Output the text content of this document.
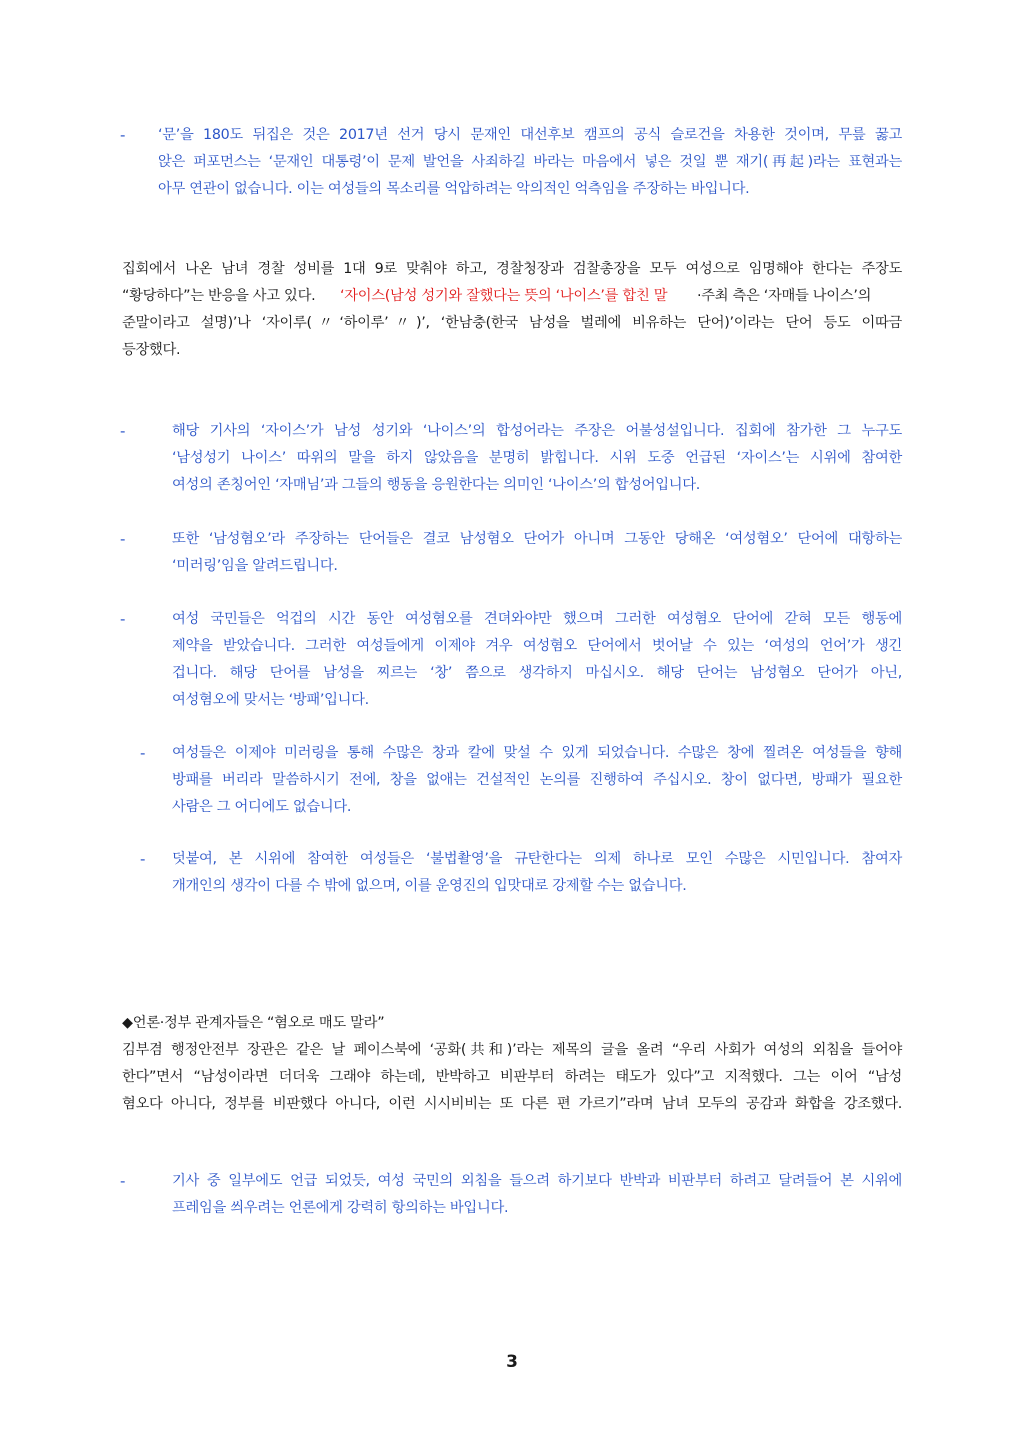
- ‘문’을 180도 뒤집은 것은 2017년 선거 당시 문재인 대선후보 캠프의 공식 슬로건을 차용한 것이며, 무릎 꿇고
앉은 퍼포먼스는 ‘문재인 대통령’이 문제 발언을 사죄하길 바라는 마음에서 넣은 것일 뿐 재기(再起)라는 표현과는
아무 연관이 없습니다. 이는 여성들의 목소리를 억압하려는 악의적인 억측임을 주장하는 바입니다.
집회에서 나온 남녀 경찰 성비를 1대 9로 맞춰야 하고, 경찰청장과 검찰총장을 모두 여성으로 임명해야 한다는 주장도
“황당하다”는 반응을 사고 있다. ‘자이스(남성 성기와 잘했다는 뜻의 ‘나이스’를 합친 말 ·주최 측은 ‘자매들 나이스’의
준말이라고 설명)’나 ‘자이루(〃‘하이루’〃)’, ‘한남충(한국 남성을 벌레에 비유하는 단어)’이라는 단어 등도 이따금
등장했다.
-	해당 기사의 ‘자이스’가 남성 성기와 ‘나이스’의 합성어라는 주장은 어불성설입니다. 집회에 참가한 그 누구도
‘남성성기 나이스’ 따위의 말을 하지 않았음을 분명히 밝힙니다. 시위 도중 언급된 ‘자이스’는 시위에 참여한
여성의 존칭어인 ‘자매님’과 그들의 행동을 응원한다는 의미인 ‘나이스’의 합성어입니다.
-	또한 ‘남성혐오’라 주장하는 단어들은 결코 남성혐오 단어가 아니며 그동안 당해온 ‘여성혐오’ 단어에 대항하는
‘미러링’임을 알려드립니다.
-	여성 국민들은 억겁의 시간 동안 여성혐오를 견뎌와야만 했으며 그러한 여성혐오 단어에 갇혀 모든 행동에
제약을 받았습니다. 그러한 여성들에게 이제야 겨우 여성혐오 단어에서 벗어날 수 있는 ‘여성의 언어’가 생긴
겁니다. 해당 단어를 남성을 찌르는 ‘창’ 쯤으로 생각하지 마십시오. 해당 단어는 남성혐오 단어가 아닌,
여성혐오에 맞서는 ‘방패’입니다.
- 여성들은 이제야 미러링을 통해 수많은 창과 칼에 맞설 수 있게 되었습니다. 수많은 창에 찔려온 여성들을 향해
방패를 버리라 말씀하시기 전에, 창을 없애는 건설적인 논의를 진행하여 주십시오. 창이 없다면, 방패가 필요한
사람은 그 어디에도 없습니다.
- 덧붙여, 본 시위에 참여한 여성들은 ‘불법촬영’을 규탄한다는 의제 하나로 모인 수많은 시민입니다. 참여자
개개인의 생각이 다를 수 밖에 없으며, 이를 운영진의 입맛대로 강제할 수는 없습니다.
◆언론·정부 관계자들은 “혐오로 매도 말라”
김부겸 행정안전부 장관은 같은 날 페이스북에 ‘공화(共和)’라는 제목의 글을 올려 “우리 사회가 여성의 외침을 들어야
한다”면서 “남성이라면 더더욱 그래야 하는데, 반박하고 비판부터 하려는 태도가 있다”고 지적했다. 그는 이어 “남성
혐오다 아니다, 정부를 비판했다 아니다, 이런 시시비비는 또 다른 편 가르기”라며 남녀 모두의 공감과 화합을 강조했다.
-	기사 중 일부에도 언급 되었듯, 여성 국민의 외침을 들으려 하기보다 반박과 비판부터 하려고 달려들어 본 시위에
프레임을 씌우려는 언론에게 강력히 항의하는 바입니다.
3
